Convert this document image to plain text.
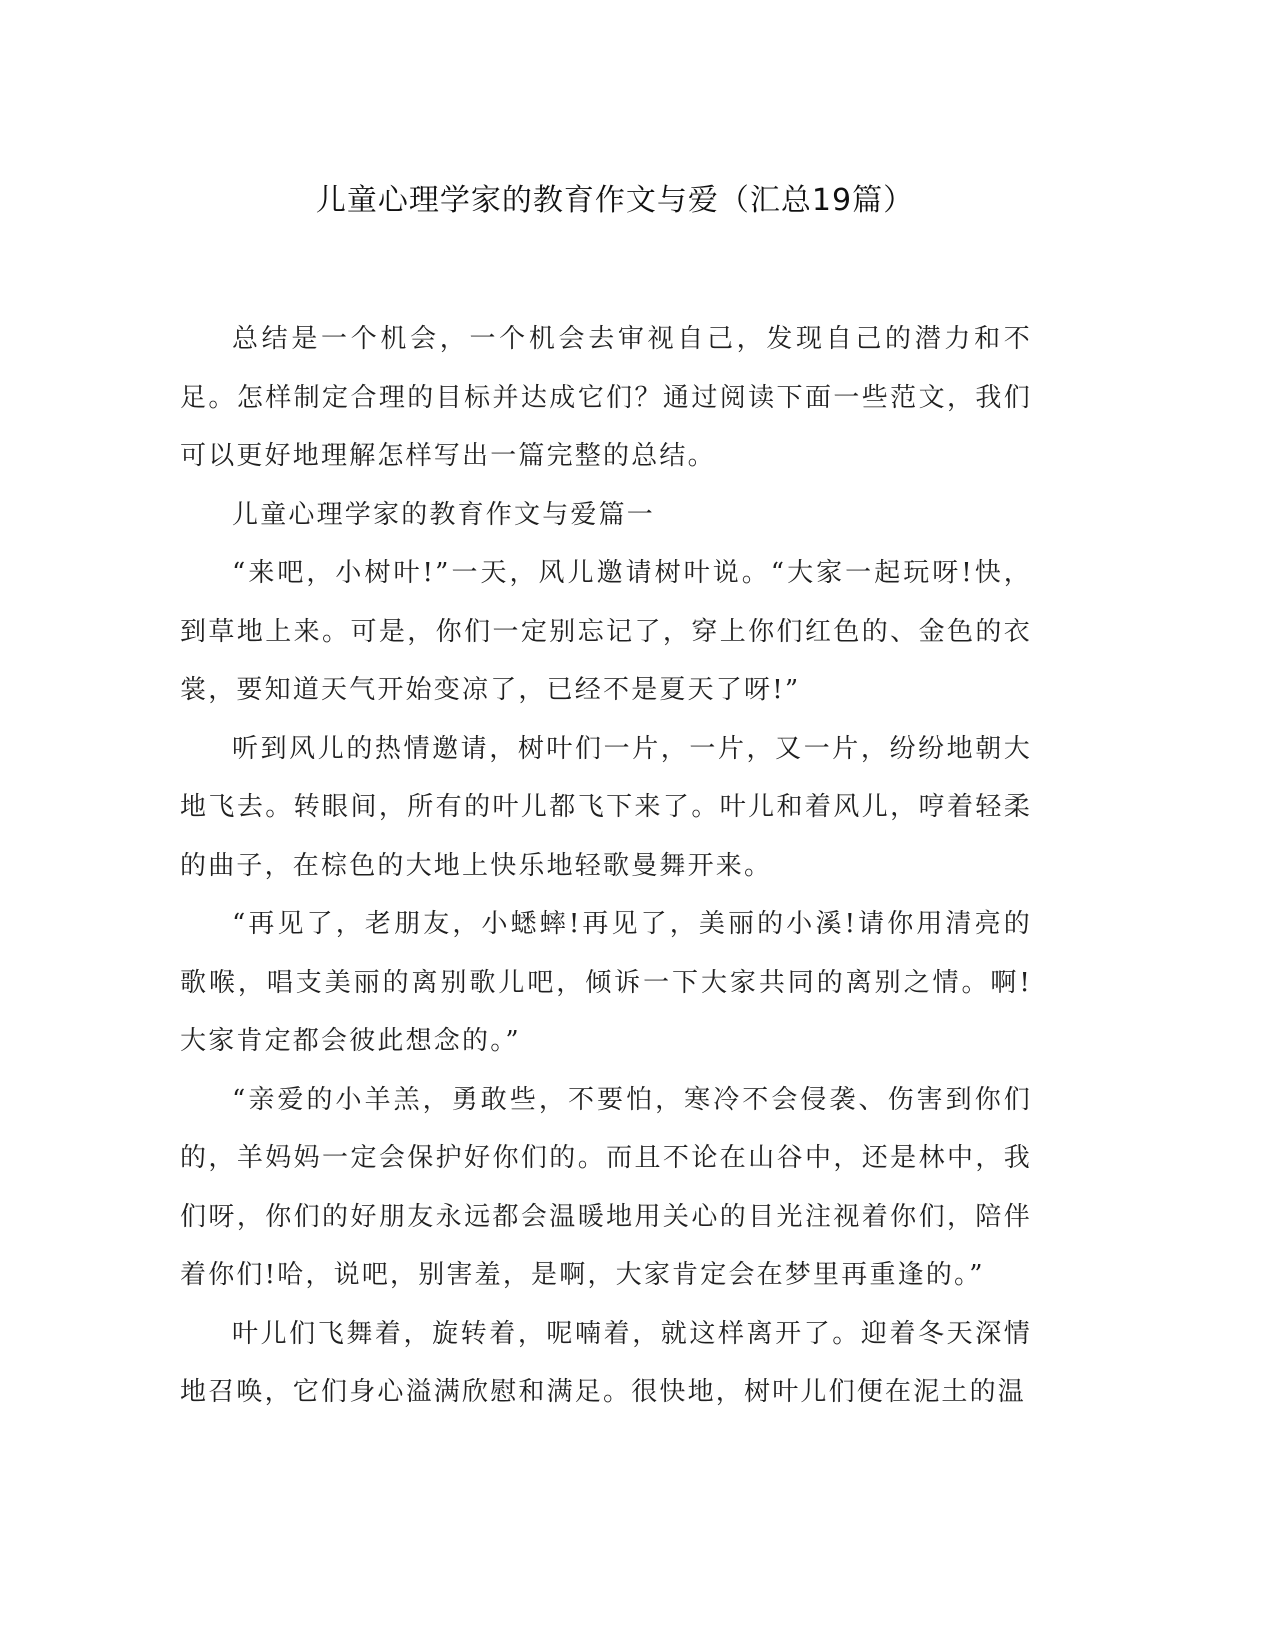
儿童心理学家的教育作文与爱（汇总19篇）

总结是一个机会，一个机会去审视自己，发现自己的潜力和不足。怎样制定合理的目标并达成它们？通过阅读下面一些范文，我们可以更好地理解怎样写出一篇完整的总结。

儿童心理学家的教育作文与爱篇一

“来吧，小树叶!”一天，风儿邀请树叶说。“大家一起玩呀!快，到草地上来。可是，你们一定别忘记了，穿上你们红色的、金色的衣裳，要知道天气开始变凉了，已经不是夏天了呀!”

听到风儿的热情邀请，树叶们一片，一片，又一片，纷纷地朝大地飞去。转眼间，所有的叶儿都飞下来了。叶儿和着风儿，哼着轻柔的曲子，在棕色的大地上快乐地轻歌曼舞开来。

“再见了，老朋友，小蟋蟀!再见了，美丽的小溪!请你用清亮的歌喉，唱支美丽的离别歌儿吧，倾诉一下大家共同的离别之情。啊!大家肯定都会彼此想念的。”

“亲爱的小羊羔，勇敢些，不要怕，寒冷不会侵袭、伤害到你们的，羊妈妈一定会保护好你们的。而且不论在山谷中，还是林中，我们呀，你们的好朋友永远都会温暖地用关心的目光注视着你们，陪伴着你们!哈，说吧，别害羞，是啊，大家肯定会在梦里再重逢的。”

叶儿们飞舞着，旋转着，呢喃着，就这样离开了。迎着冬天深情地召唤，它们身心溢满欣慰和满足。很快地，树叶儿们便在泥土的温
